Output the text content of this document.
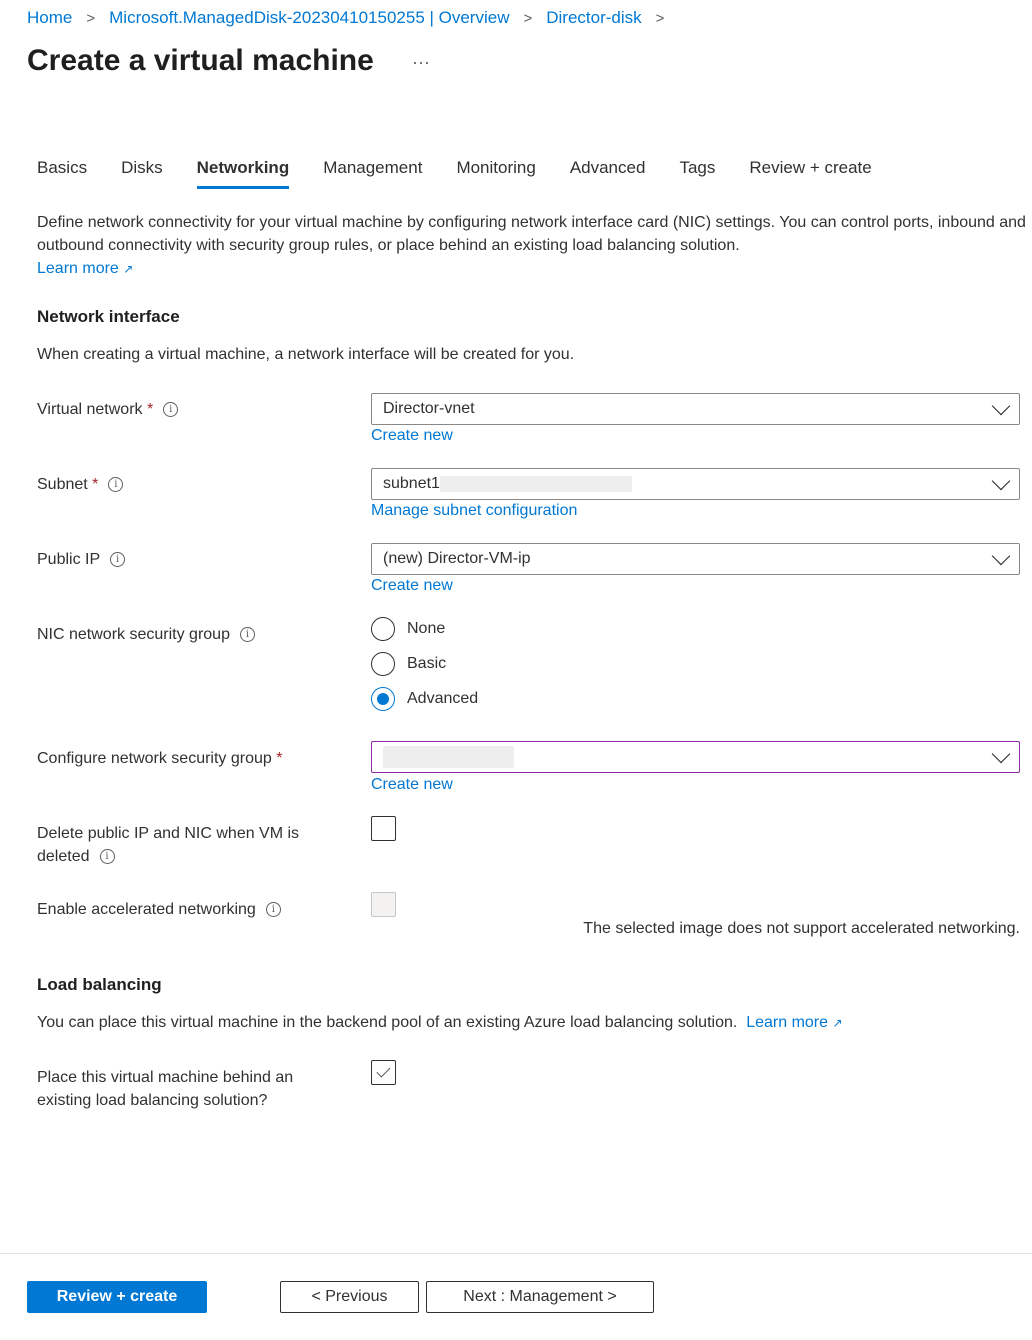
Home > Microsoft.ManagedDisk-20230410150255 | Overview > Director-disk >
Create a virtual machine ···
Basics Disks Networking Management Monitoring Advanced Tags Review + create
Define network connectivity for your virtual machine by configuring network interface card (NIC) settings. You can control ports, inbound and outbound connectivity with security group rules, or place behind an existing load balancing solution.
Learn more ↗
Network interface
When creating a virtual machine, a network interface will be created for you.
Virtual network * i	Director-vnet
Create new
Subnet * i	subnet1
Manage subnet configuration
Public IP i	(new) Director-VM-ip
Create new
NIC network security group i	None
Basic
Advanced
Configure network security group *
Create new
Delete public IP and NIC when VM is deleted i
Enable accelerated networking i
The selected image does not support accelerated networking.
Load balancing
You can place this virtual machine in the backend pool of an existing Azure load balancing solution. Learn more ↗
Place this virtual machine behind an existing load balancing solution?
Review + create	< Previous	Next : Management >
